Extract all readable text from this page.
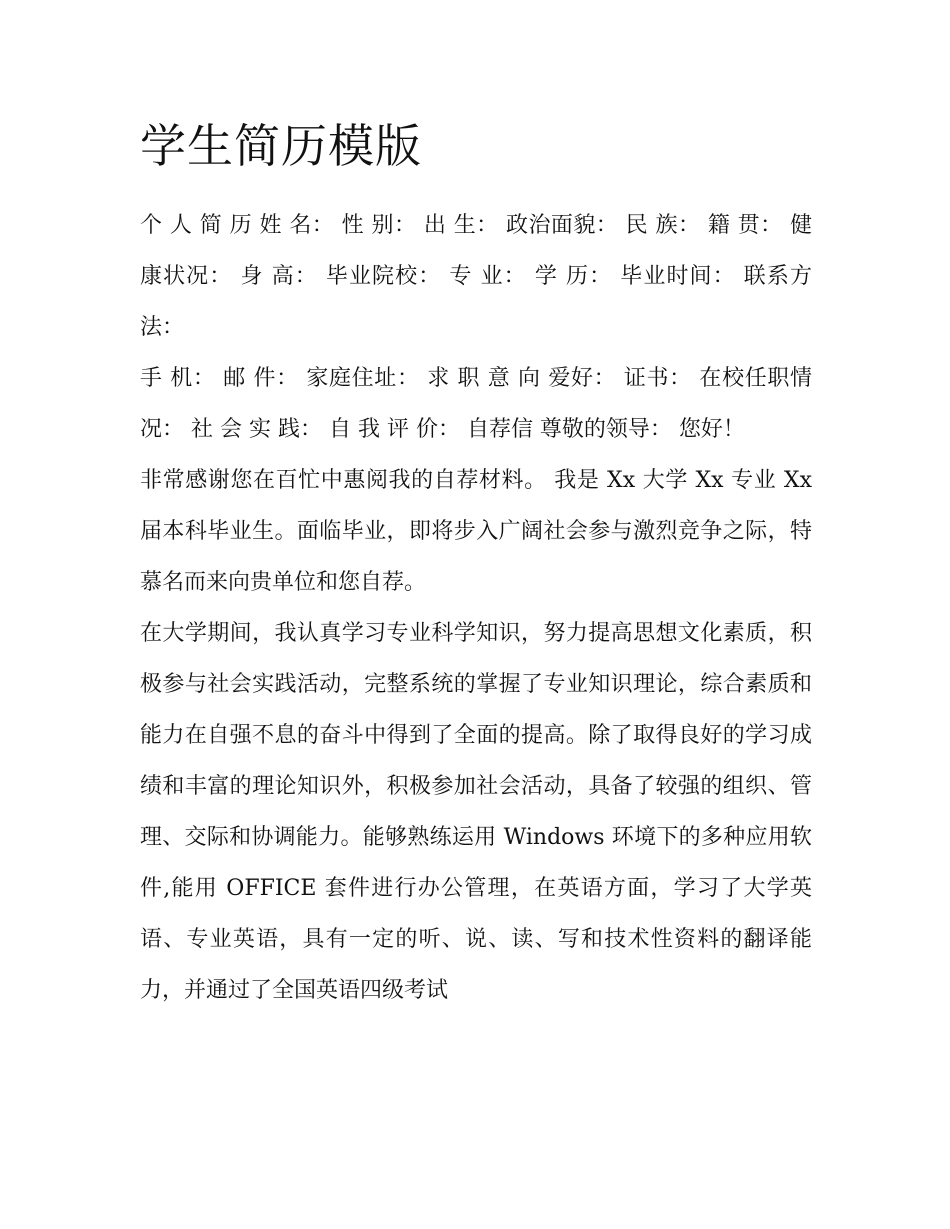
学生简历模版

个 人 简 历 姓 名： 性 别： 出 生： 政治面貌： 民 族： 籍 贯： 健康状况： 身 高： 毕业院校： 专 业： 学 历： 毕业时间： 联系方法：

手 机： 邮 件： 家庭住址： 求 职 意 向 爱好： 证书： 在校任职情况： 社 会 实 践： 自 我 评 价： 自荐信 尊敬的领导： 您好！

非常感谢您在百忙中惠阅我的自荐材料。 我是 Xx 大学 Xx 专业 Xx 届本科毕业生。面临毕业，即将步入广阔社会参与激烈竞争之际，特慕名而来向贵单位和您自荐。

在大学期间，我认真学习专业科学知识，努力提高思想文化素质，积极参与社会实践活动，完整系统的掌握了专业知识理论，综合素质和能力在自强不息的奋斗中得到了全面的提高。除了取得良好的学习成绩和丰富的理论知识外，积极参加社会活动，具备了较强的组织、管理、交际和协调能力。能够熟练运用 Windows 环境下的多种应用软件,能用 OFFICE 套件进行办公管理，在英语方面，学习了大学英语、专业英语，具有一定的听、说、读、写和技术性资料的翻译能力，并通过了全国英语四级考试
